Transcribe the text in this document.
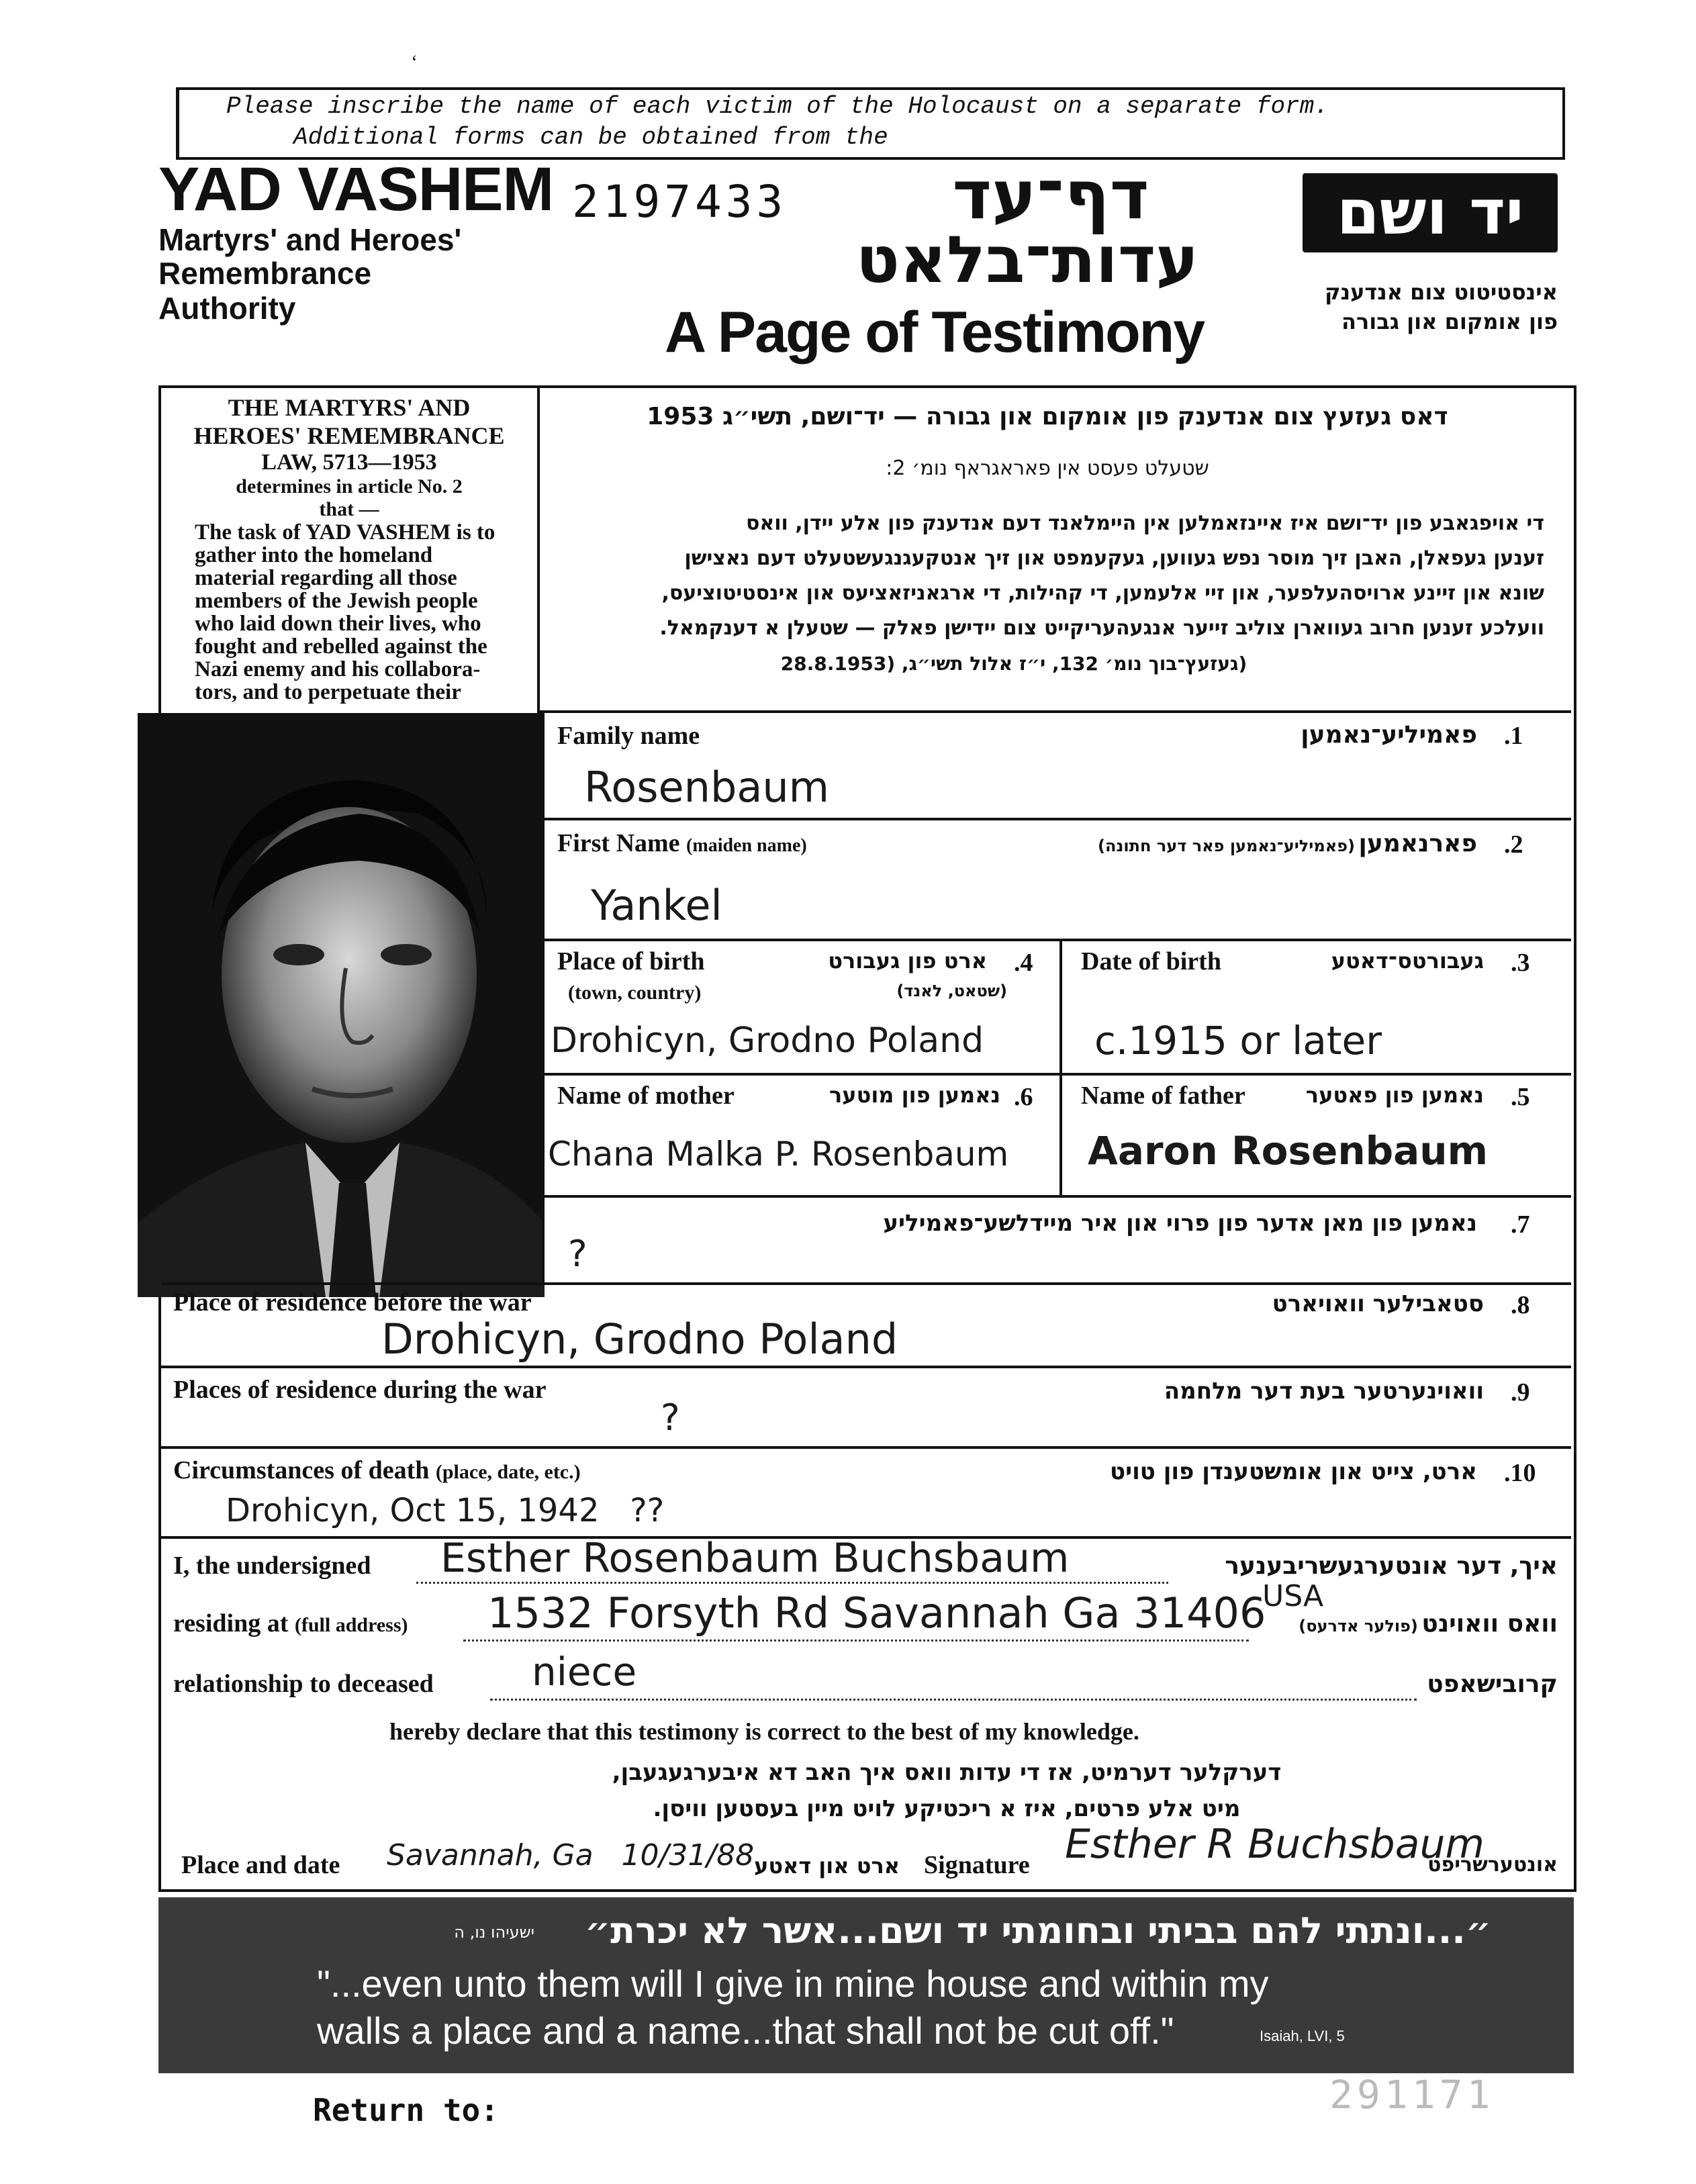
Please inscribe the name of each victim of the Holocaust on a separate form.
Additional forms can be obtained from the
‘
YAD VASHEM 2197433
Martyrs' and Heroes'
Remembrance
Authority
דף־עד
עדות־בלאט
A Page of Testimony
יד ושם
אינסטיטוט צום אנדענק
פון אומקום און גבורה
THE MARTYRS' AND
HEROES' REMEMBRANCE
LAW, 5713—1953
determines in article No. 2
that —
The task of YAD VASHEM is to gather into the homeland material regarding all those members of the Jewish people who laid down their lives, who fought and rebelled against the Nazi enemy and his collabora-tors, and to perpetuate their
דאס געזעץ צום אנדענק פון אומקום און גבורה — יד־ושם, תשי״ג 1953
שטעלט פעסט אין פאראגראף נומ׳ 2:
די אויפגאבע פון יד־ושם איז איינזאמלען אין היימלאנד דעם אנדענק פון אלע יידן, וואס
זענען געפאלן, האבן זיך מוסר נפש געווען, געקעמפט און זיך אנטקעגנגעשטעלט דעם נאצישן
שונא און זיינע ארויסהעלפער, און זיי אלעמען, די קהילות, די ארגאניזאציעס און אינסטיטוציעס,
וועלכע זענען חרוב געווארן צוליב זייער אנגעהעריקייט צום יידישן פאלק — שטעלן א דענקמאל.
(געזעץ־בוך נומ׳ 132, י״ז אלול תשי״ג, (28.8.1953
Family name	פאמיליע־נאמען .1
Rosenbaum
First Name (maiden name)	פארנאמען (פאמיליע־נאמען פאר דער חתונה)	.2
Yankel
Place of birth
(town, country)
ארט פון געבורט
(שטאט, לאנד)
.4
Drohicyn, Grodno Poland
Date of birth	געבורטס־דאטע .3
c.1915 or later
Name of mother	נאמען פון מוטער .6
Chana Malka P. Rosenbaum
Name of father	נאמען פון פאטער .5
Aaron Rosenbaum
נאמען פון מאן אדער פון פרוי און איר מיידלשע־פאמיליע .7
?
Place of residence before the war	סטאבילער וואויארט .8
Drohicyn, Grodno Poland
Places of residence during the war	וואוינערטער בעת דער מלחמה .9
?
Circumstances of death (place, date, etc.)	ארט, צייט און אומשטענדן פון טויט .10
Drohicyn, Oct 15, 1942   ??
I, the undersigned Esther Rosenbaum Buchsbaum	איך, דער אונטערגעשריבענער
residing at (full address) 1532 Forsyth Rd Savannah Ga 31406
USA
וואס וואוינט (פולער אדרעס)
relationship to deceased	niece	קרובישאפט
hereby declare that this testimony is correct to the best of my knowledge.
דערקלער דערמיט, אז די עדות וואס איך האב דא איבערגעגעבן,
מיט אלע פרטים, איז א ריכטיקע לויט מיין בעסטען וויסן.
Place and date Savannah, Ga   10/31/88 ארט און דאטע Signature Esther R Buchsbaum
אונטערשריפט
״...ונתתי להם בביתי ובחומתי יד ושם...אשר לא יכרת״
ישעיהו נו, ה
"...even unto them will I give in mine house and within my
walls a place and a name...that shall not be cut off."	Isaiah, LVI, 5
Return to:	291171
